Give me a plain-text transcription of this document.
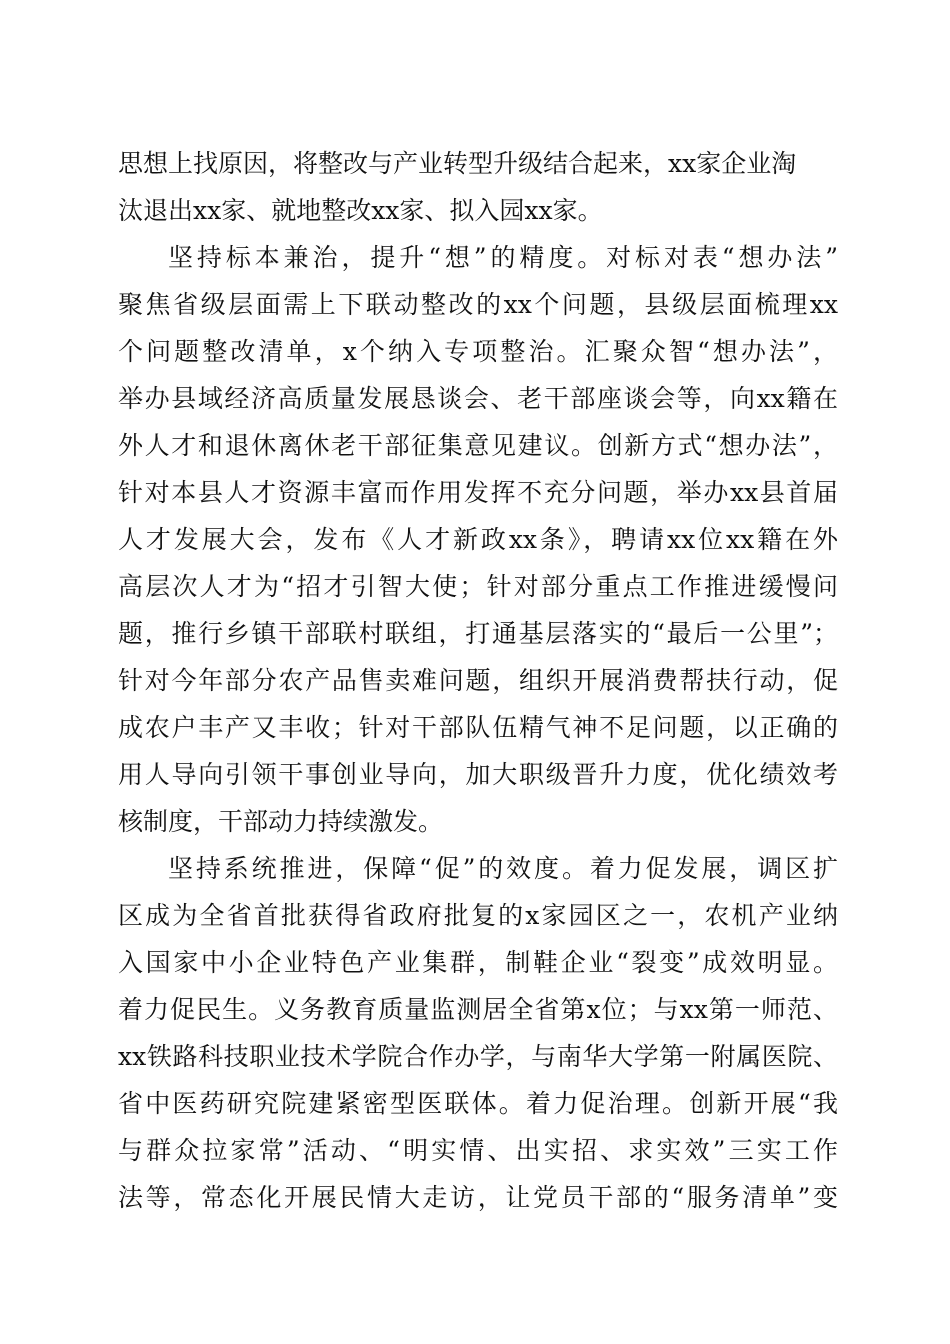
思想上找原因，将整改与产业转型升级结合起来，xx家企业淘
汰退出xx家、就地整改xx家、拟入园xx家。
坚持标本兼治，提升“想”的精度。对标对表“想办法”
聚焦省级层面需上下联动整改的xx个问题，县级层面梳理xx
个问题整改清单，x个纳入专项整治。汇聚众智“想办法”，
举办县域经济高质量发展恳谈会、老干部座谈会等，向xx籍在
外人才和退休离休老干部征集意见建议。创新方式“想办法”，
针对本县人才资源丰富而作用发挥不充分问题，举办xx县首届
人才发展大会，发布《人才新政xx条》，聘请xx位xx籍在外
高层次人才为“招才引智大使；针对部分重点工作推进缓慢问
题，推行乡镇干部联村联组，打通基层落实的“最后一公里”；
针对今年部分农产品售卖难问题，组织开展消费帮扶行动，促
成农户丰产又丰收；针对干部队伍精气神不足问题，以正确的
用人导向引领干事创业导向，加大职级晋升力度，优化绩效考
核制度，干部动力持续激发。
坚持系统推进，保障“促”的效度。着力促发展，调区扩
区成为全省首批获得省政府批复的x家园区之一，农机产业纳
入国家中小企业特色产业集群，制鞋企业“裂变”成效明显。
着力促民生。义务教育质量监测居全省第x位；与xx第一师范、
xx铁路科技职业技术学院合作办学，与南华大学第一附属医院、
省中医药研究院建紧密型医联体。着力促治理。创新开展“我
与群众拉家常”活动、“明实情、出实招、求实效”三实工作
法等，常态化开展民情大走访，让党员干部的“服务清单”变
